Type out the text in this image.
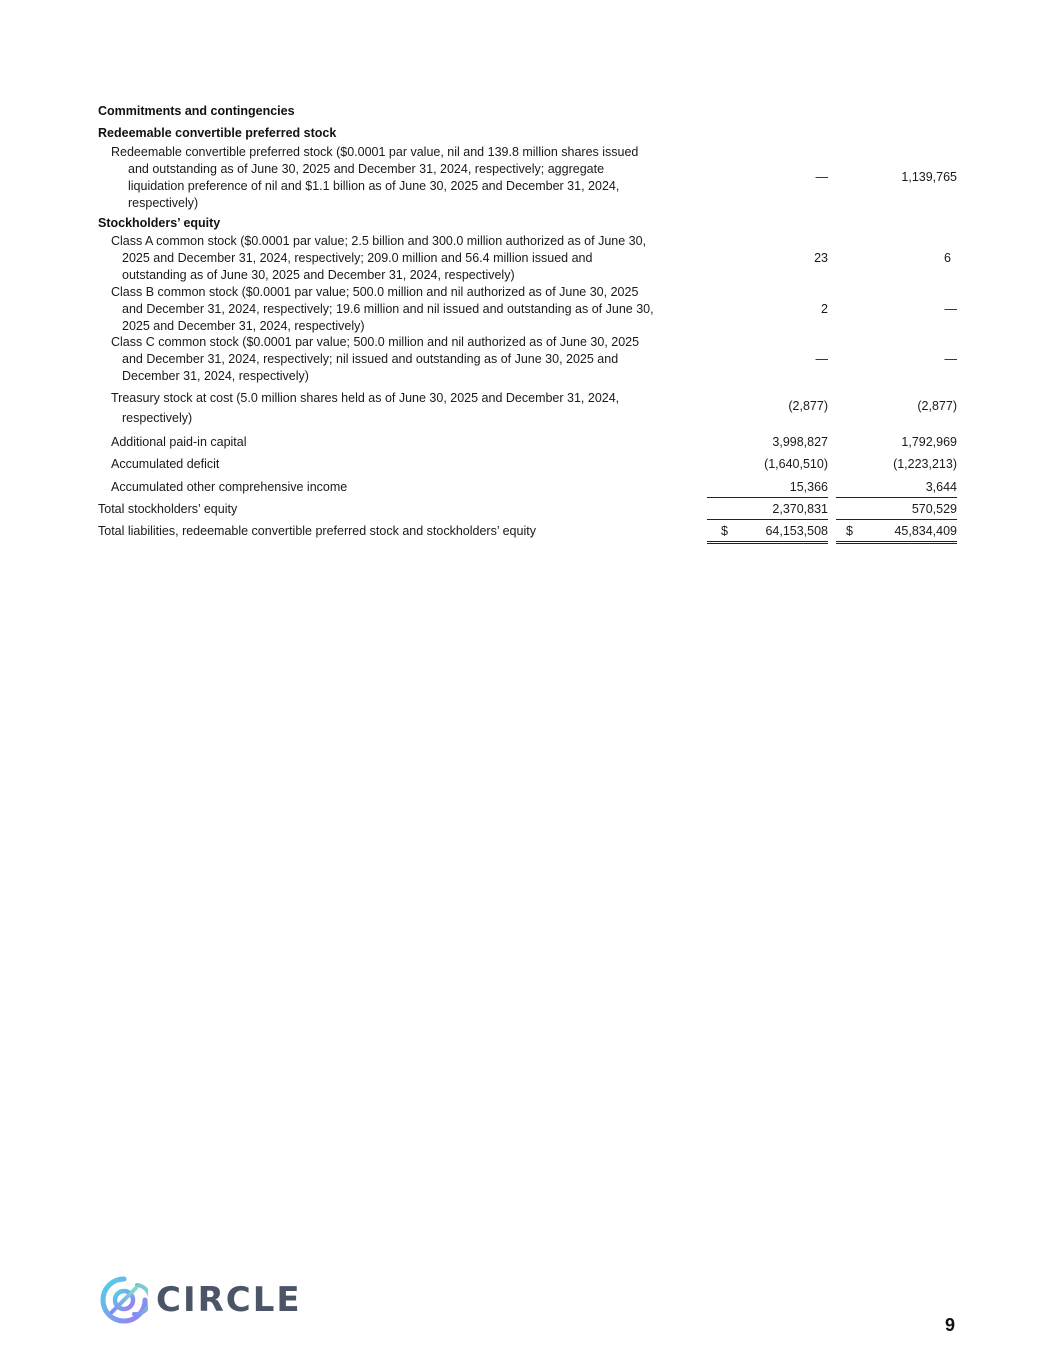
Commitments and contingencies
Redeemable convertible preferred stock
Redeemable convertible preferred stock ($0.0001 par value, nil and 139.8 million shares issued
and outstanding as of June 30, 2025 and December 31, 2024, respectively; aggregate
liquidation preference of nil and $1.1 billion as of June 30, 2025 and December 31, 2024,
respectively)
—	1,139,765
Stockholders’ equity
Class A common stock ($0.0001 par value; 2.5 billion and 300.0 million authorized as of June 30,
2025 and December 31, 2024, respectively; 209.0 million and 56.4 million issued and
outstanding as of June 30, 2025 and December 31, 2024, respectively)
23	6
Class B common stock ($0.0001 par value; 500.0 million and nil authorized as of June 30, 2025
and December 31, 2024, respectively; 19.6 million and nil issued and outstanding as of June 30,
2025 and December 31, 2024, respectively)
2	—
Class C common stock ($0.0001 par value; 500.0 million and nil authorized as of June 30, 2025
and December 31, 2024, respectively; nil issued and outstanding as of June 30, 2025 and
December 31, 2024, respectively)
—	—
Treasury stock at cost (5.0 million shares held as of June 30, 2025 and December 31, 2024,
respectively)
(2,877)	(2,877)
Additional paid-in capital	3,998,827	1,792,969
Accumulated deficit	(1,640,510)	(1,223,213)
Accumulated other comprehensive income	15,366	3,644
Total stockholders’ equity	2,370,831	570,529
Total liabilities, redeemable convertible preferred stock and stockholders’ equity	$	64,153,508 $	45,834,409
CIRCLE
9
